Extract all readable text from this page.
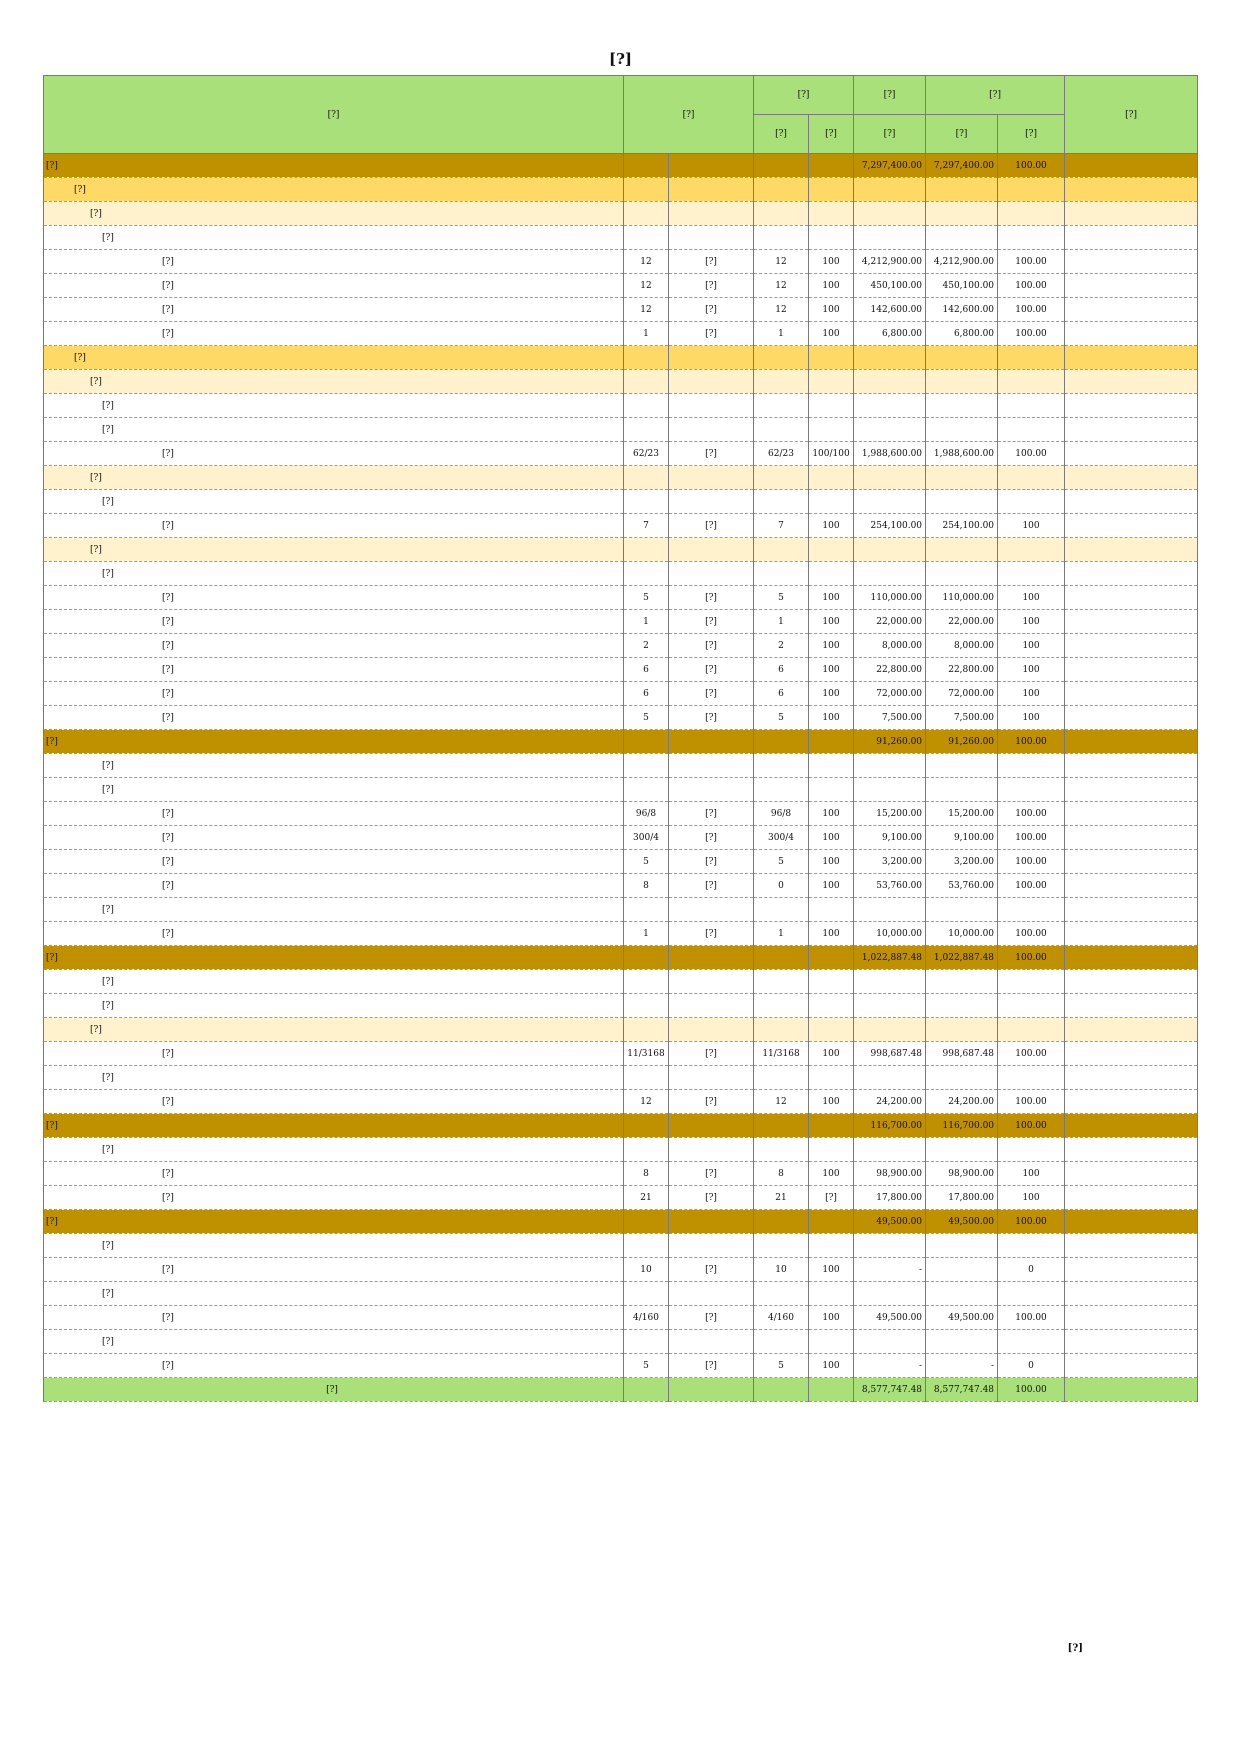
[?]
[?]	[?]		[?]		[?]	[?]		[?]
			[?]	[?]	[?]	[?]	[?]	
[?]					7,297,400.00	7,297,400.00	100.00	
[?]								
[?]								
[?]								
[?]	12	[?]	12	100	4,212,900.00	4,212,900.00	100.00	
[?]	12	[?]	12	100	450,100.00	450,100.00	100.00	
[?]	12	[?]	12	100	142,600.00	142,600.00	100.00	
[?]	1	[?]	1	100	6,800.00	6,800.00	100.00	
[?]								
[?]								
[?]								
[?]								
[?]	62/23	[?]	62/23	100/100	1,988,600.00	1,988,600.00	100.00	
[?]								
[?]								
[?]	7	[?]	7	100	254,100.00	254,100.00	100	
[?]								
[?]								
[?]	5	[?]	5	100	110,000.00	110,000.00	100	
[?]	1	[?]	1	100	22,000.00	22,000.00	100	
[?]	2	[?]	2	100	8,000.00	8,000.00	100	
[?]	6	[?]	6	100	22,800.00	22,800.00	100	
[?]	6	[?]	6	100	72,000.00	72,000.00	100	
[?]	5	[?]	5	100	7,500.00	7,500.00	100	
[?]					91,260.00	91,260.00	100.00	
[?]								
[?]								
[?]	96/8	[?]	96/8	100	15,200.00	15,200.00	100.00	
[?]	300/4	[?]	300/4	100	9,100.00	9,100.00	100.00	
[?]	5	[?]	5	100	3,200.00	3,200.00	100.00	
[?]	8	[?]	0	100	53,760.00	53,760.00	100.00	
[?]								
[?]	1	[?]	1	100	10,000.00	10,000.00	100.00	
[?]					1,022,887.48	1,022,887.48	100.00	
[?]								
[?]								
[?]								
[?]	11/3168	[?]	11/3168	100	998,687.48	998,687.48	100.00	
[?]								
[?]	12	[?]	12	100	24,200.00	24,200.00	100.00	
[?]					116,700.00	116,700.00	100.00	
[?]								
[?]	8	[?]	8	100	98,900.00	98,900.00	100	
[?]	21	[?]	21	[?]	17,800.00	17,800.00	100	
[?]					49,500.00	49,500.00	100.00	
[?]								
[?]	10	[?]	10	100	-		0	
[?]								
[?]	4/160	[?]	4/160	100	49,500.00	49,500.00	100.00	
[?]								
[?]	5	[?]	5	100	-	-	0	
[?]					8,577,747.48	8,577,747.48	100.00	
[?]
